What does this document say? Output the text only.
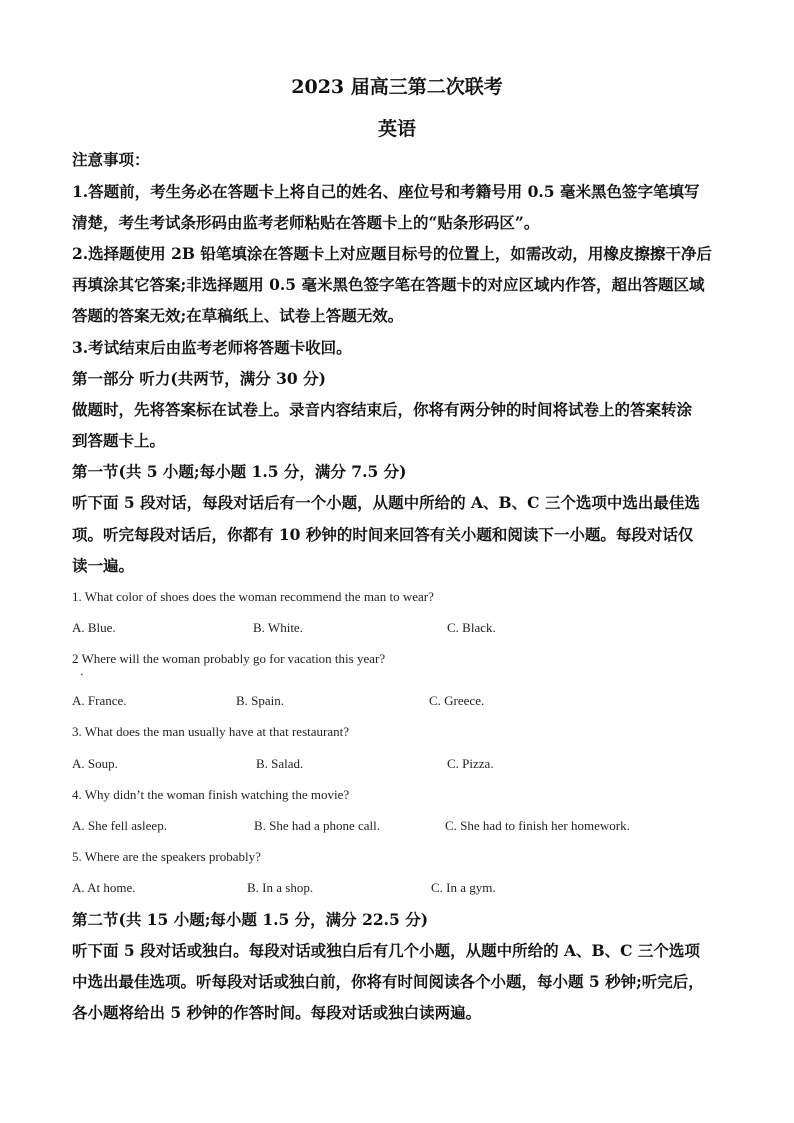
2023 届高三第二次联考
英语
注意事项：
1.答题前，考生务必在答题卡上将自己的姓名、座位号和考籍号用 0.5 毫米黑色签字笔填写
清楚，考生考试条形码由监考老师粘贴在答题卡上的“贴条形码区”。
2.选择题使用 2B 铅笔填涂在答题卡上对应题目标号的位置上，如需改动，用橡皮擦擦干净后
再填涂其它答案;非选择题用 0.5 毫米黑色签字笔在答题卡的对应区域内作答，超出答题区域
答题的答案无效;在草稿纸上、试卷上答题无效。
3.考试结束后由监考老师将答题卡收回。
第一部分 听力(共两节，满分 30 分)
做题时，先将答案标在试卷上。录音内容结束后，你将有两分钟的时间将试卷上的答案转涂
到答题卡上。
第一节(共 5 小题;每小题 1.5 分，满分 7.5 分)
听下面 5 段对话，每段对话后有一个小题，从题中所给的 A、B、C 三个选项中选出最佳选
项。听完每段对话后，你都有 10 秒钟的时间来回答有关小题和阅读下一小题。每段对话仅
读一遍。
1. What color of shoes does the woman recommend the man to wear?
A. Blue.	B. White.	C. Black.
2 Where will the woman probably go for vacation this year?
•
A. France.	B. Spain.	C. Greece.
3. What does the man usually have at that restaurant?
A. Soup.	B. Salad.	C. Pizza.
4. Why didn’t the woman finish watching the movie?
A. She fell asleep.	B. She had a phone call.	C. She had to finish her homework.
5. Where are the speakers probably?
A. At home.	B. In a shop.	C. In a gym.
第二节(共 15 小题;每小题 1.5 分，满分 22.5 分)
听下面 5 段对话或独白。每段对话或独白后有几个小题，从题中所给的 A、B、C 三个选项
中选出最佳选项。听每段对话或独白前，你将有时间阅读各个小题，每小题 5 秒钟;听完后，
各小题将给出 5 秒钟的作答时间。每段对话或独白读两遍。
